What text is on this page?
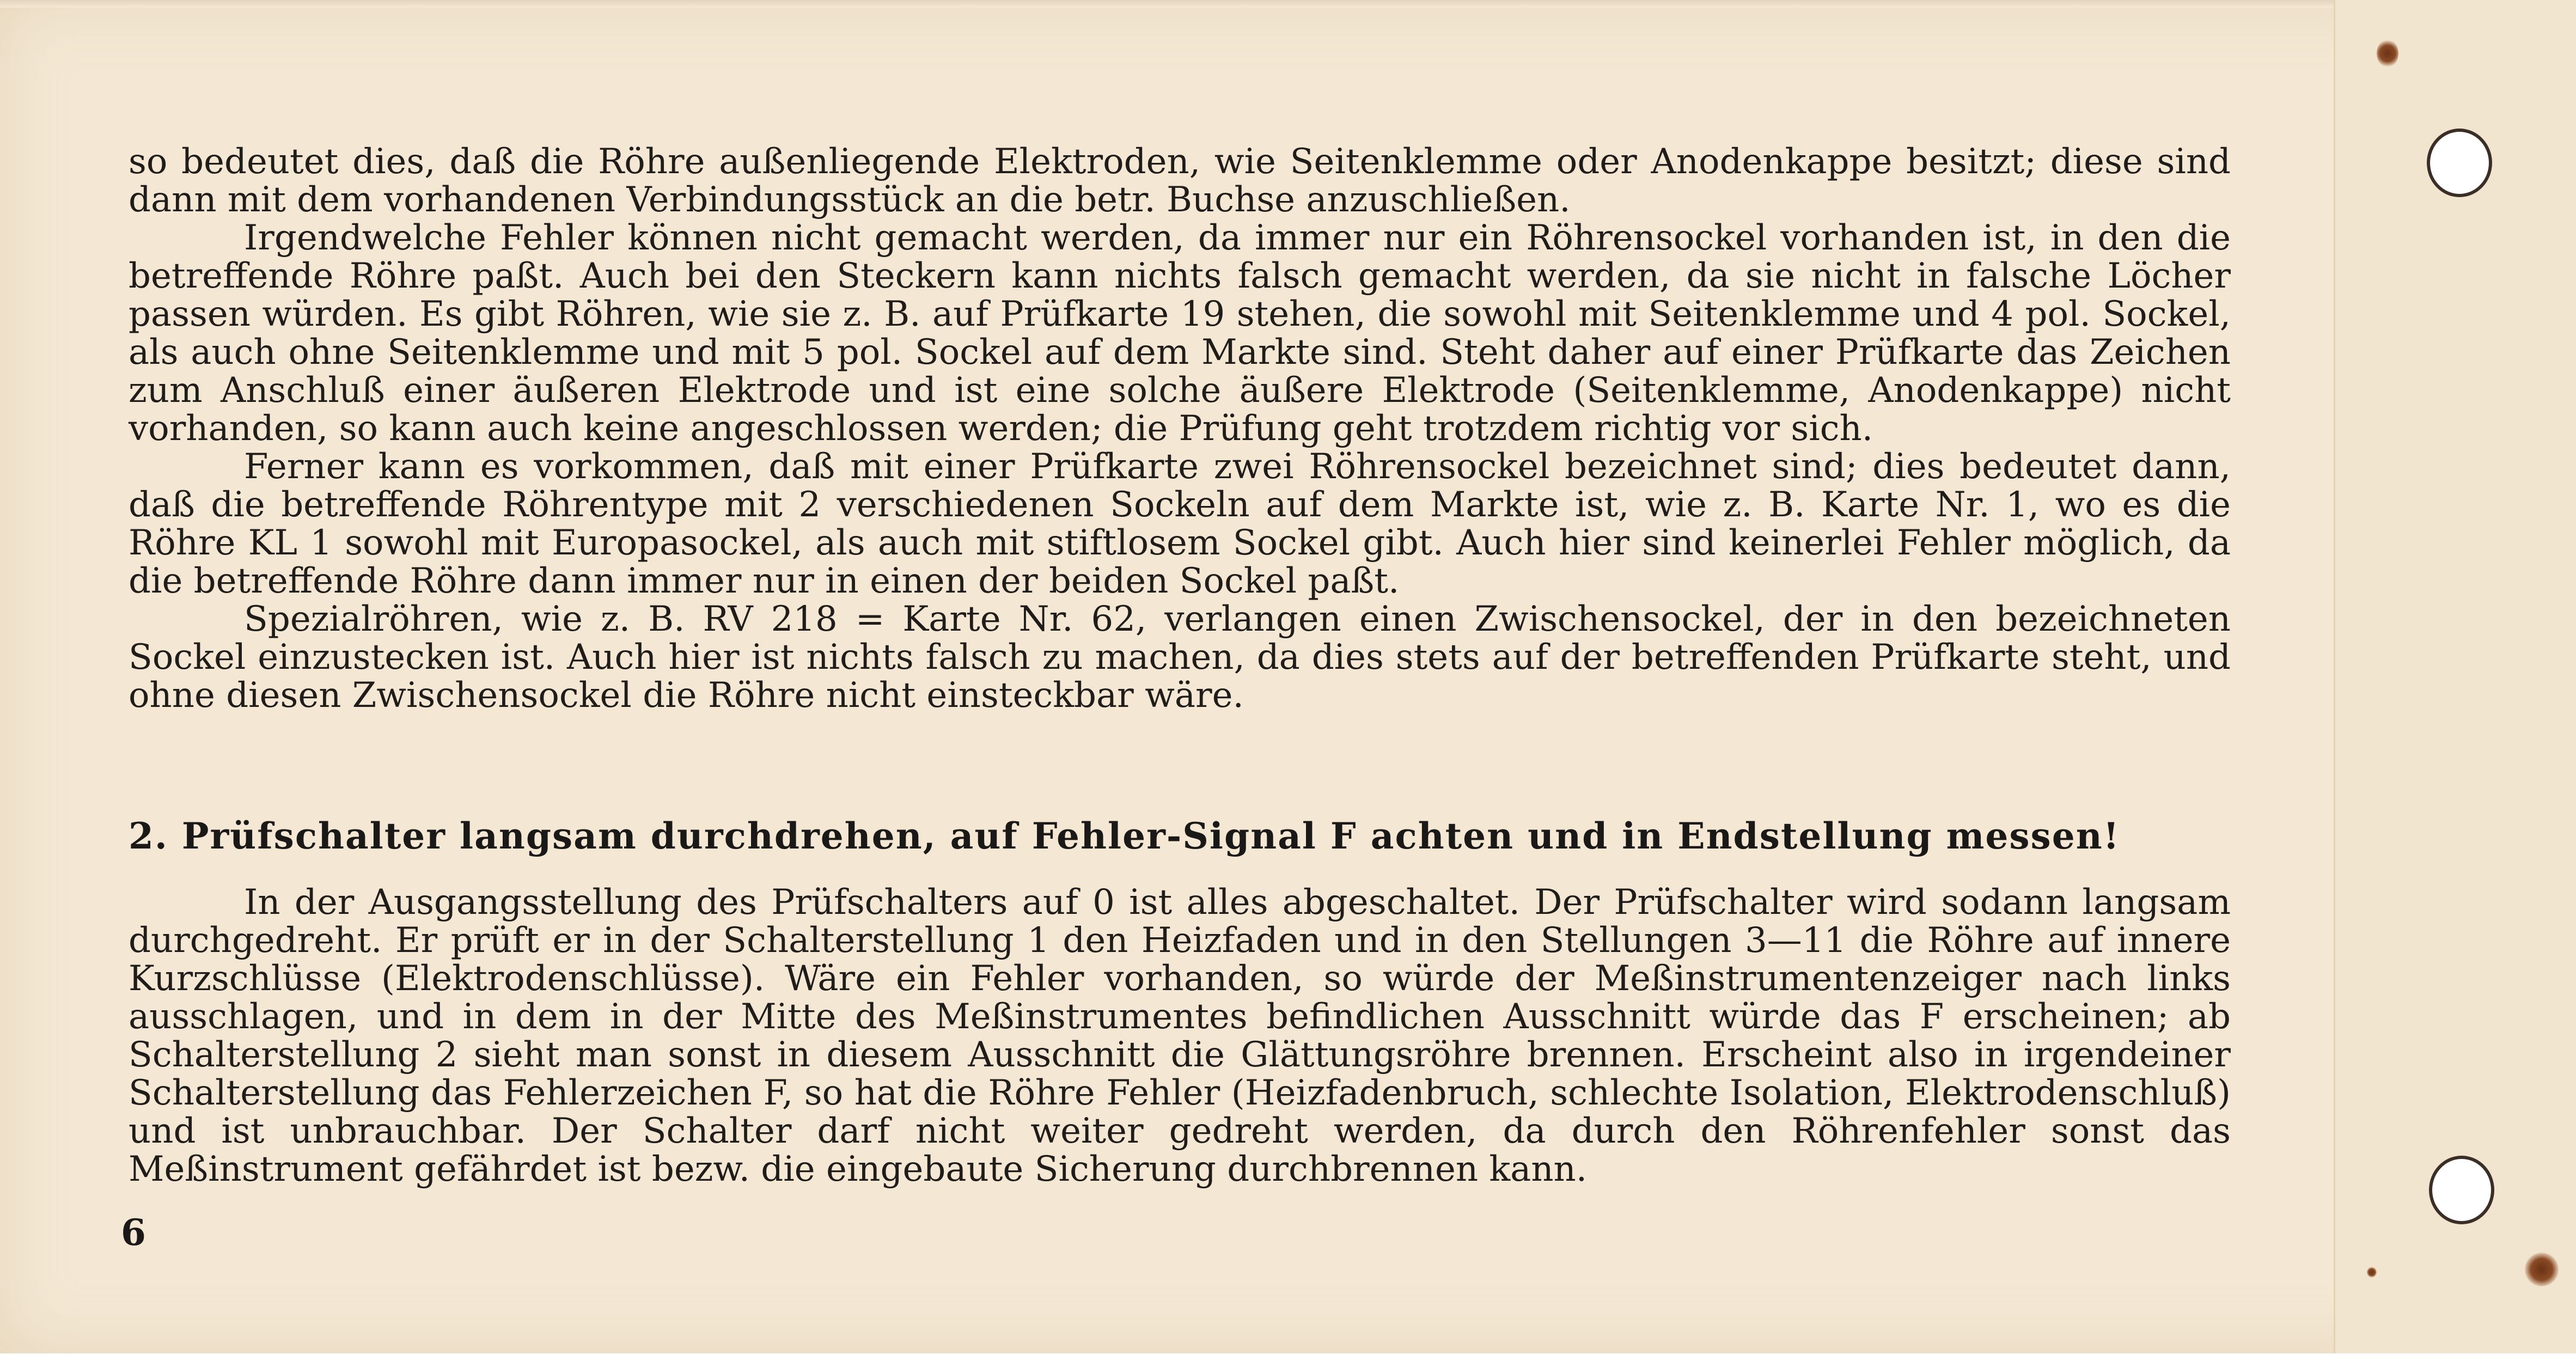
so bedeutet dies, daß die Röhre außenliegende Elektroden, wie Seitenklemme oder Anodenkappe besitzt; diese sind dann mit dem vorhandenen Verbindungsstück an die betr. Buchse anzuschließen.

Irgendwelche Fehler können nicht gemacht werden, da immer nur ein Röhrensockel vorhanden ist, in den die betreffende Röhre paßt. Auch bei den Steckern kann nichts falsch gemacht werden, da sie nicht in falsche Löcher passen würden. Es gibt Röhren, wie sie z. B. auf Prüfkarte 19 stehen, die sowohl mit Seitenklemme und 4 pol. Sockel, als auch ohne Seitenklemme und mit 5 pol. Sockel auf dem Markte sind. Steht daher auf einer Prüfkarte das Zeichen zum Anschluß einer äußeren Elektrode und ist eine solche äußere Elektrode (Seitenklemme, Anodenkappe) nicht vorhanden, so kann auch keine angeschlossen werden; die Prüfung geht trotzdem richtig vor sich.

Ferner kann es vorkommen, daß mit einer Prüfkarte zwei Röhrensockel bezeichnet sind; dies bedeutet dann, daß die betreffende Röhrentype mit 2 verschiedenen Sockeln auf dem Markte ist, wie z. B. Karte Nr. 1, wo es die Röhre KL 1 sowohl mit Europasockel, als auch mit stiftlosem Sockel gibt. Auch hier sind keinerlei Fehler möglich, da die betreffende Röhre dann immer nur in einen der beiden Sockel paßt.

Spezialröhren, wie z. B. RV 218 = Karte Nr. 62, verlangen einen Zwischensockel, der in den bezeichneten Sockel einzustecken ist. Auch hier ist nichts falsch zu machen, da dies stets auf der betreffenden Prüfkarte steht, und ohne diesen Zwischensockel die Röhre nicht einsteckbar wäre.

2. Prüfschalter langsam durchdrehen, auf Fehler-Signal F achten und in Endstellung messen!

In der Ausgangsstellung des Prüfschalters auf 0 ist alles abgeschaltet. Der Prüfschalter wird sodann langsam durchgedreht. Er prüft er in der Schalterstellung 1 den Heizfaden und in den Stellungen 3—11 die Röhre auf innere Kurzschlüsse (Elektrodenschlüsse). Wäre ein Fehler vorhanden, so würde der Meßinstrumentenzeiger nach links ausschlagen, und in dem in der Mitte des Meßinstrumentes befindlichen Ausschnitt würde das F erscheinen; ab Schalterstellung 2 sieht man sonst in diesem Ausschnitt die Glättungsröhre brennen. Erscheint also in irgendeiner Schalterstellung das Fehlerzeichen F, so hat die Röhre Fehler (Heizfadenbruch, schlechte Isolation, Elektrodenschluß) und ist unbrauchbar. Der Schalter darf nicht weiter gedreht werden, da durch den Röhrenfehler sonst das Meßinstrument gefährdet ist bezw. die eingebaute Sicherung durchbrennen kann.

6
